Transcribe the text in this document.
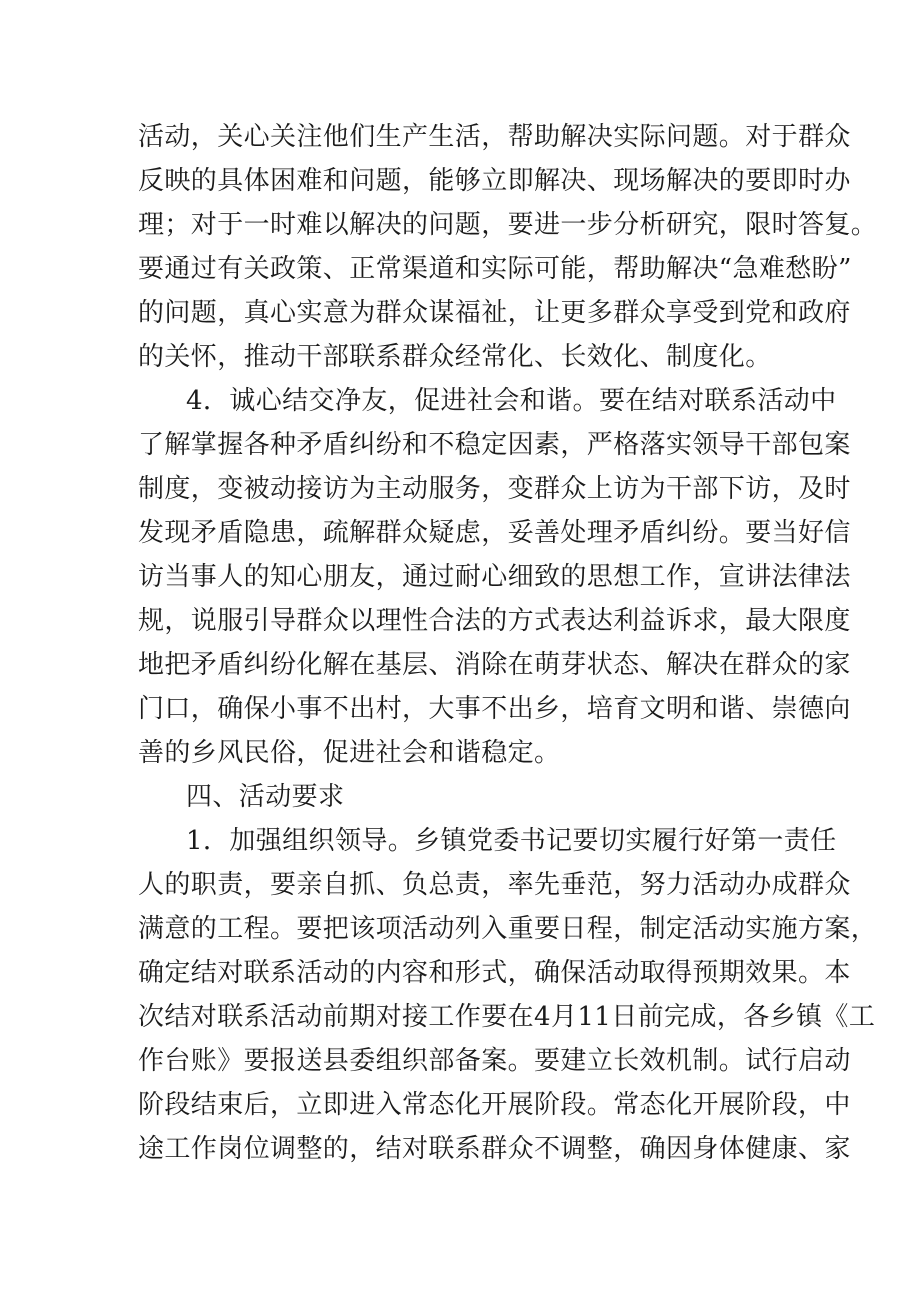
活动，关心关注他们生产生活，帮助解决实际问题。对于群众
反映的具体困难和问题，能够立即解决、现场解决的要即时办
理；对于一时难以解决的问题，要进一步分析研究，限时答复。
要通过有关政策、正常渠道和实际可能，帮助解决“急难愁盼”
的问题，真心实意为群众谋福祉，让更多群众享受到党和政府
的关怀，推动干部联系群众经常化、长效化、制度化。
4．诚心结交净友，促进社会和谐。要在结对联系活动中
了解掌握各种矛盾纠纷和不稳定因素，严格落实领导干部包案
制度，变被动接访为主动服务，变群众上访为干部下访，及时
发现矛盾隐患，疏解群众疑虑，妥善处理矛盾纠纷。要当好信
访当事人的知心朋友，通过耐心细致的思想工作，宣讲法律法
规，说服引导群众以理性合法的方式表达利益诉求，最大限度
地把矛盾纠纷化解在基层、消除在萌芽状态、解决在群众的家
门口，确保小事不出村，大事不出乡，培育文明和谐、崇德向
善的乡风民俗，促进社会和谐稳定。
四、活动要求
1．加强组织领导。乡镇党委书记要切实履行好第一责任
人的职责，要亲自抓、负总责，率先垂范，努力活动办成群众
满意的工程。要把该项活动列入重要日程，制定活动实施方案，
确定结对联系活动的内容和形式，确保活动取得预期效果。本
次结对联系活动前期对接工作要在4月11日前完成，各乡镇《工
作台账》要报送县委组织部备案。要建立长效机制。试行启动
阶段结束后，立即进入常态化开展阶段。常态化开展阶段，中
途工作岗位调整的，结对联系群众不调整，确因身体健康、家
